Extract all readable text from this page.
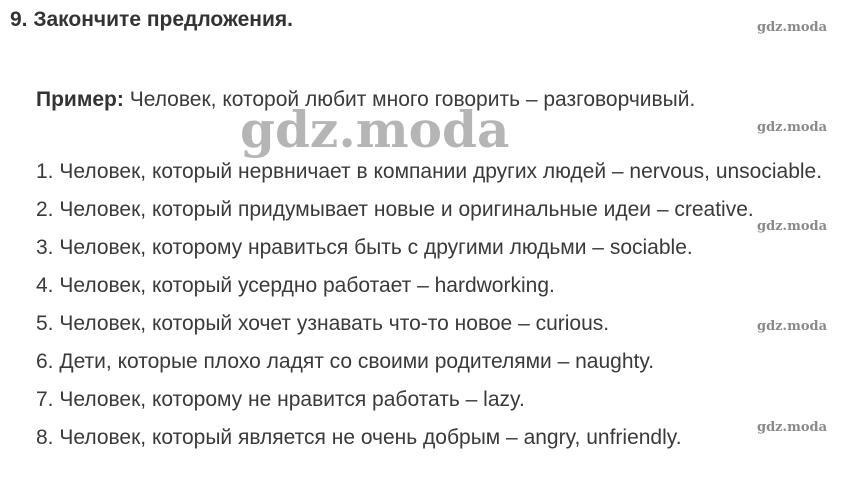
9. Закончите предложения.	gdz.moda
Пример: Человек, которой любит много говорить – разговорчивый.
gdz.moda	gdz.moda
1. Человек, который нервничает в компании других людей – nervous, unsociable.
2. Человек, который придумывает новые и оригинальные идеи – creative.
3. Человек, которому нравиться быть с другими людьми – sociable.
4. Человек, который усердно работает – hardworking.
5. Человек, который хочет узнавать что-то новое – curious.
6. Дети, которые плохо ладят со своими родителями – naughty.
7. Человек, которому не нравится работать – lazy.
8. Человек, который является не очень добрым – angry, unfriendly.
gdz.moda
gdz.moda
gdz.moda
